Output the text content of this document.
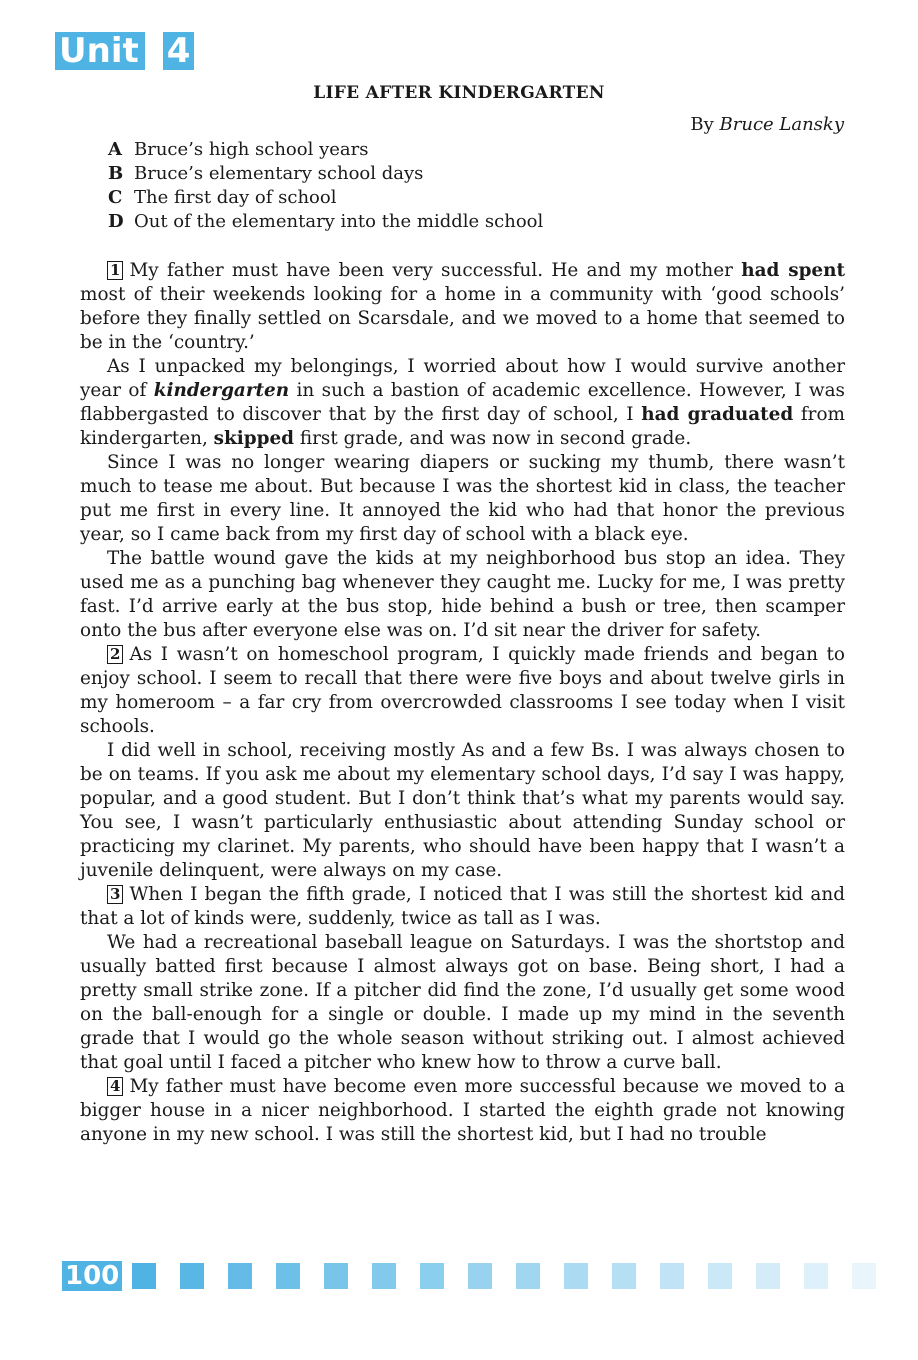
Unit 4
LIFE AFTER KINDERGARTEN
By Bruce Lansky
A Bruce’s high school years
B Bruce’s elementary school days
C The first day of school
D Out of the elementary into the middle school

1 My father must have been very successful. He and my mother had spent most of their weekends looking for a home in a community with ‘good schools’ before they finally settled on Scarsdale, and we moved to a home that seemed to be in the ‘country.’

As I unpacked my belongings, I worried about how I would survive another year of kindergarten in such a bastion of academic excellence. However, I was flabbergasted to discover that by the first day of school, I had graduated from kindergarten, skipped first grade, and was now in second grade.

Since I was no longer wearing diapers or sucking my thumb, there wasn’t much to tease me about. But because I was the shortest kid in class, the teacher put me first in every line. It annoyed the kid who had that honor the previous year, so I came back from my first day of school with a black eye.

The battle wound gave the kids at my neighborhood bus stop an idea. They used me as a punching bag whenever they caught me. Lucky for me, I was pretty fast. I’d arrive early at the bus stop, hide behind a bush or tree, then scamper onto the bus after everyone else was on. I’d sit near the driver for safety.

2 As I wasn’t on homeschool program, I quickly made friends and began to enjoy school. I seem to recall that there were five boys and about twelve girls in my homeroom – a far cry from overcrowded classrooms I see today when I visit schools.

I did well in school, receiving mostly As and a few Bs. I was always chosen to be on teams. If you ask me about my elementary school days, I’d say I was happy, popular, and a good student. But I don’t think that’s what my parents would say. You see, I wasn’t particularly enthusiastic about attending Sunday school or practicing my clarinet. My parents, who should have been happy that I wasn’t a juvenile delinquent, were always on my case.

3 When I began the fifth grade, I noticed that I was still the shortest kid and that a lot of kinds were, suddenly, twice as tall as I was.

We had a recreational baseball league on Saturdays. I was the shortstop and usually batted first because I almost always got on base. Being short, I had a pretty small strike zone. If a pitcher did find the zone, I’d usually get some wood on the ball-enough for a single or double. I made up my mind in the seventh grade that I would go the whole season without striking out. I almost achieved that goal until I faced a pitcher who knew how to throw a curve ball.

4 My father must have become even more successful because we moved to a bigger house in a nicer neighborhood. I started the eighth grade not knowing anyone in my new school. I was still the shortest kid, but I had no trouble

100
